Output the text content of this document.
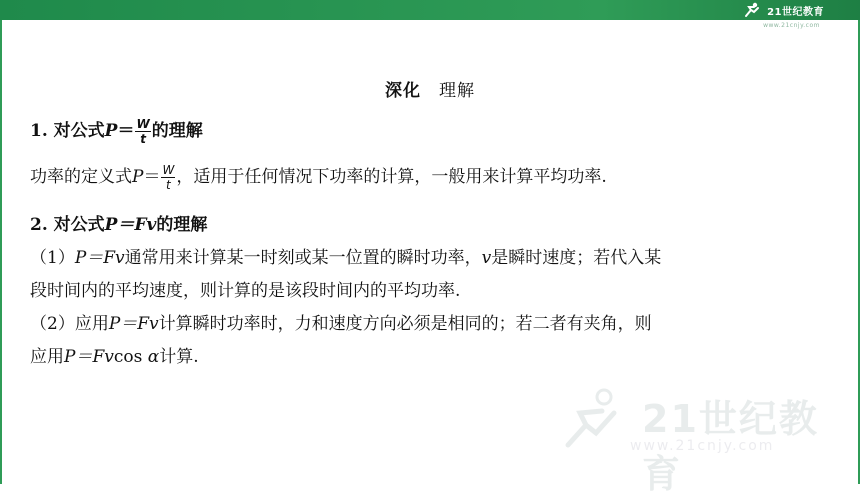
21世纪教育
www.21cnjy.com
深化 理解
1. 对公式$P= \frac{W}{t}$ 的理解
功率的定义式$P= \frac{W}{t}$ ，适用于任何情况下功率的计算，一般用来计算平均功率.
2. 对公式P＝Fv的理解
（1）P＝Fv通常用来计算某一时刻或某一位置的瞬时功率，v是瞬时速度；若代入某
段时间内的平均速度，则计算的是该段时间内的平均功率.
（2）应用P＝Fv计算瞬时功率时，力和速度方向必须是相同的；若二者有夹角，则
应用P＝Fvcos α计算.
21世纪教育
www.21cnjy.com
